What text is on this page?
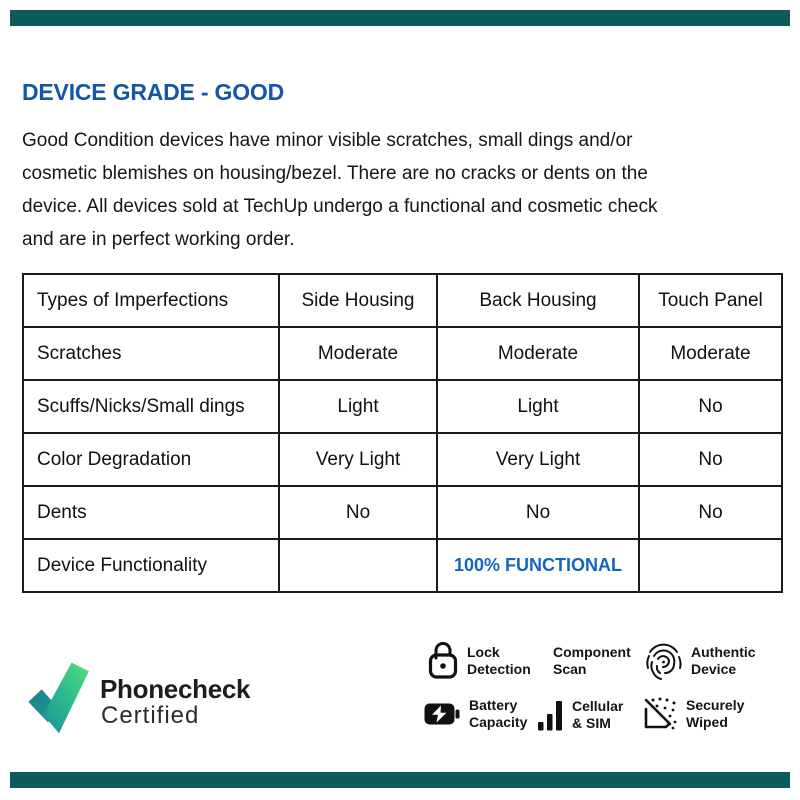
DEVICE GRADE - GOOD
Good Condition devices have minor visible scratches, small dings and/or
cosmetic blemishes on housing/bezel. There are no cracks or dents on the
device. All devices sold at TechUp undergo a functional and cosmetic check
and are in perfect working order.
Types of Imperfections	Side Housing	Back Housing	Touch Panel
Scratches	Moderate	Moderate	Moderate
Scuffs/Nicks/Small dings	Light	Light	No
Color Degradation	Very Light	Very Light	No
Dents	No	No	No
Device Functionality		100% FUNCTIONAL	
Phonecheck
Certified
Lock
Detection
Component
Scan
Authentic
Device
Battery
Capacity
Cellular
& SIM
Securely
Wiped
